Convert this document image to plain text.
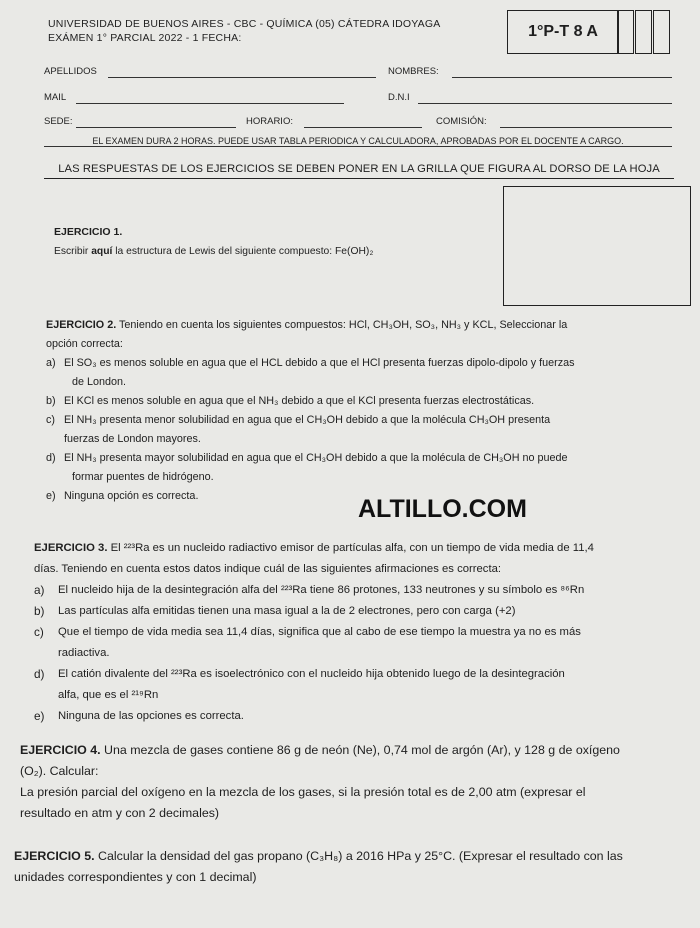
UNIVERSIDAD DE BUENOS AIRES - CBC - QUÍMICA (05) CÁTEDRA IDOYAGA
EXÁMEN 1° PARCIAL 2022 - 1 FECHA:	1°P-T 8 A
APELLIDOS	NOMBRES:
MAIL	D.N.I
SEDE:	HORARIO:	COMISIÓN:
EL EXAMEN DURA 2 HORAS. PUEDE USAR TABLA PERIODICA Y CALCULADORA, APROBADAS POR EL DOCENTE A CARGO.
LAS RESPUESTAS DE LOS EJERCICIOS SE DEBEN PONER EN LA GRILLA QUE FIGURA AL DORSO DE LA HOJA
EJERCICIO 1.
Escribir aquí la estructura de Lewis del siguiente compuesto: Fe(OH)₂
EJERCICIO 2. Teniendo en cuenta los siguientes compuestos: HCl, CH₃OH, SO₃, NH₃ y KCL, Seleccionar la
opción correcta:
a) El SO₃ es menos soluble en agua que el HCL debido a que el HCl presenta fuerzas dipolo-dipolo y fuerzas
de London.
b) El KCl es menos soluble en agua que el NH₃ debido a que el KCl presenta fuerzas electrostáticas.
c) El NH₃ presenta menor solubilidad en agua que el CH₃OH debido a que la molécula CH₃OH presenta
fuerzas de London mayores.
d) El NH₃ presenta mayor solubilidad en agua que el CH₃OH debido a que la molécula de CH₃OH no puede
formar puentes de hidrógeno.
e) Ninguna opción es correcta.	ALTILLO.COM
EJERCICIO 3. El ²²³Ra es un nucleido radiactivo emisor de partículas alfa, con un tiempo de vida media de 11,4
días. Teniendo en cuenta estos datos indique cuál de las siguientes afirmaciones es correcta:
a)	El nucleido hija de la desintegración alfa del ²²³Ra tiene 86 protones, 133 neutrones y su símbolo es ⁸⁶Rn
b)	Las partículas alfa emitidas tienen una masa igual a la de 2 electrones, pero con carga (+2)
c)	Que el tiempo de vida media sea 11,4 días, significa que al cabo de ese tiempo la muestra ya no es más
radiactiva.
d)	El catión divalente del ²²³Ra es isoelectrónico con el nucleido hija obtenido luego de la desintegración
alfa, que es el ²¹⁹Rn
e)	Ninguna de las opciones es correcta.
EJERCICIO 4. Una mezcla de gases contiene 86 g de neón (Ne), 0,74 mol de argón (Ar), y 128 g de oxígeno
(O₂). Calcular:
La presión parcial del oxígeno en la mezcla de los gases, si la presión total es de 2,00 atm (expresar el
resultado en atm y con 2 decimales)
EJERCICIO 5. Calcular la densidad del gas propano (C₃H₈) a 2016 HPa y 25°C. (Expresar el resultado con las
unidades correspondientes y con 1 decimal)
